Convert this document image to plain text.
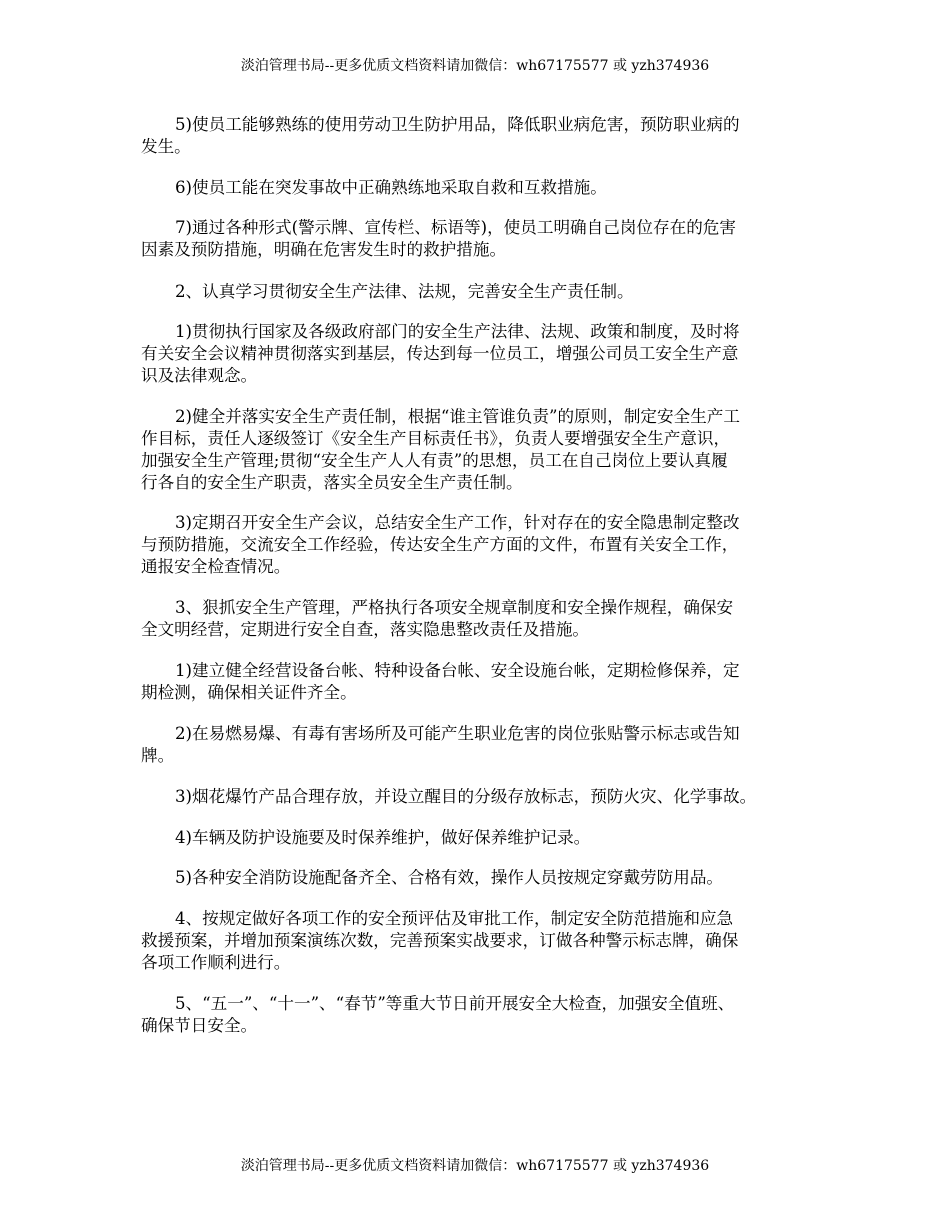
淡泊管理书局--更多优质文档资料请加微信：wh67175577 或 yzh374936

5)使员工能够熟练的使用劳动卫生防护用品，降低职业病危害，预防职业病的
发生。

6)使员工能在突发事故中正确熟练地采取自救和互救措施。

7)通过各种形式(警示牌、宣传栏、标语等)，使员工明确自己岗位存在的危害
因素及预防措施，明确在危害发生时的救护措施。

2、认真学习贯彻安全生产法律、法规，完善安全生产责任制。

1)贯彻执行国家及各级政府部门的安全生产法律、法规、政策和制度，及时将
有关安全会议精神贯彻落实到基层，传达到每一位员工，增强公司员工安全生产意
识及法律观念。

2)健全并落实安全生产责任制，根据“谁主管谁负责”的原则，制定安全生产工
作目标，责任人逐级签订《安全生产目标责任书》，负责人要增强安全生产意识，
加强安全生产管理;贯彻“安全生产人人有责”的思想，员工在自己岗位上要认真履
行各自的安全生产职责，落实全员安全生产责任制。

3)定期召开安全生产会议，总结安全生产工作，针对存在的安全隐患制定整改
与预防措施，交流安全工作经验，传达安全生产方面的文件，布置有关安全工作，
通报安全检查情况。

3、狠抓安全生产管理，严格执行各项安全规章制度和安全操作规程，确保安
全文明经营，定期进行安全自查，落实隐患整改责任及措施。

1)建立健全经营设备台帐、特种设备台帐、安全设施台帐，定期检修保养，定
期检测，确保相关证件齐全。

2)在易燃易爆、有毒有害场所及可能产生职业危害的岗位张贴警示标志或告知
牌。

3)烟花爆竹产品合理存放，并设立醒目的分级存放标志，预防火灾、化学事故。

4)车辆及防护设施要及时保养维护，做好保养维护记录。

5)各种安全消防设施配备齐全、合格有效，操作人员按规定穿戴劳防用品。

4、按规定做好各项工作的安全预评估及审批工作，制定安全防范措施和应急
救援预案，并增加预案演练次数，完善预案实战要求，订做各种警示标志牌，确保
各项工作顺利进行。

5、“五一”、“十一”、“春节”等重大节日前开展安全大检查，加强安全值班、
确保节日安全。

淡泊管理书局--更多优质文档资料请加微信：wh67175577 或 yzh374936
